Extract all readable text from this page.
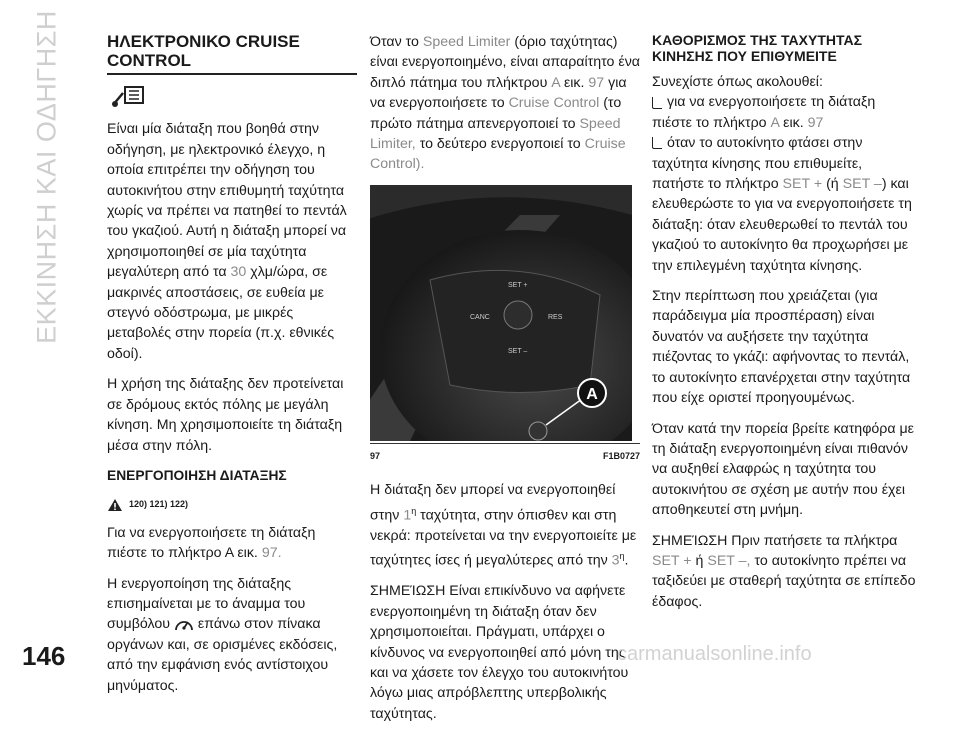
ΕΚΚΙΝΗΣΗ ΚΑΙ ΟΔΗΓΗΣΗ	ΗΛΕΚΤΡΟΝΙΚΟ CRUISE
CONTROL

Είναι μία διάταξη που βοηθά στην οδήγηση, με ηλεκτρονικό έλεγχο, η οποία επιτρέπει την οδήγηση του αυτοκινήτου στην επιθυμητή ταχύτητα χωρίς να πρέπει να πατηθεί το πεντάλ του γκαζιού. Αυτή η διάταξη μπορεί να χρησιμοποιηθεί σε μία ταχύτητα μεγαλύτερη από τα 30 χλμ/ώρα, σε μακρινές αποστάσεις, σε ευθεία με στεγνό οδόστρωμα, με μικρές μεταβολές στην πορεία (π.χ. εθνικές οδοί).

Η χρήση της διάταξης δεν προτείνεται σε δρόμους εκτός πόλης με μεγάλη κίνηση. Μη χρησιμοποιείτε τη διάταξη μέσα στην πόλη.

ΕΝΕΡΓΟΠΟΙΗΣΗ ΔΙΑΤΑΞΗΣ
120) 121) 122)

Για να ενεργοποιήσετε τη διάταξη πιέστε το πλήκτρο Α εικ. 97.

Η ενεργοποίηση της διάταξης επισημαίνεται με το άναμμα του συμβόλου επάνω στον πίνακα οργάνων και, σε ορισμένες εκδόσεις, από την εμφάνιση ενός αντίστοιχου μηνύματος.

Όταν το Speed Limiter (όριο ταχύτητας) είναι ενεργοποιημένο, είναι απαραίτητο ένα διπλό πάτημα του πλήκτρου A εικ. 97 για να ενεργοποιήσετε το Cruise Control (το πρώτο πάτημα απενεργοποιεί το Speed Limiter, το δεύτερο ενεργοποιεί το Cruise Control).

SET +
CANC	RES
SET –
A
97	F1B0727

Η διάταξη δεν μπορεί να ενεργοποιηθεί στην $1^\eta$ ταχύτητα, στην όπισθεν και στη νεκρά: προτείνεται να την ενεργοποιείτε με ταχύτητες ίσες ή μεγαλύτερες από την $3^\eta$.

ΣΗΜΕΊΩΣΗ Είναι επικίνδυνο να αφήνετε ενεργοποιημένη τη διάταξη όταν δεν χρησιμοποιείται. Πράγματι, υπάρχει ο κίνδυνος να ενεργοποιηθεί από μόνη της και να χάσετε τον έλεγχο του αυτοκινήτου λόγω μιας απρόβλεπτης υπερβολικής ταχύτητας.

ΚΑΘΟΡΙΣΜΟΣ ΤΗΣ ΤΑΧΥΤΗΤΑΣ
ΚΙΝΗΣΗΣ ΠΟΥ ΕΠΙΘΥΜΕΙΤΕ

Συνεχίστε όπως ακολουθεί:

για να ενεργοποιήσετε τη διάταξη πιέστε το πλήκτρο A εικ. 97

όταν το αυτοκίνητο φτάσει στην ταχύτητα κίνησης που επιθυμείτε, πατήστε το πλήκτρο SET + (ή SET –) και ελευθερώστε το για να ενεργοποιήσετε τη διάταξη: όταν ελευθερωθεί το πεντάλ του γκαζιού το αυτοκίνητο θα προχωρήσει με την επιλεγμένη ταχύτητα κίνησης.

Στην περίπτωση που χρειάζεται (για παράδειγμα μία προσπέραση) είναι δυνατόν να αυξήσετε την ταχύτητα πιέζοντας το γκάζι: αφήνοντας το πεντάλ, το αυτοκίνητο επανέρχεται στην ταχύτητα που είχε οριστεί προηγουμένως.

Όταν κατά την πορεία βρείτε κατηφόρα με τη διάταξη ενεργοποιημένη είναι πιθανόν να αυξηθεί ελαφρώς η ταχύτητα του αυτοκινήτου σε σχέση με αυτήν που έχει αποθηκευτεί στη μνήμη.

ΣΗΜΕΊΩΣΗ Πριν πατήσετε τα πλήκτρα SET + ή SET –, το αυτοκίνητο πρέπει να ταξιδεύει με σταθερή ταχύτητα σε επίπεδο έδαφος.

146	carmanualsonline.info
